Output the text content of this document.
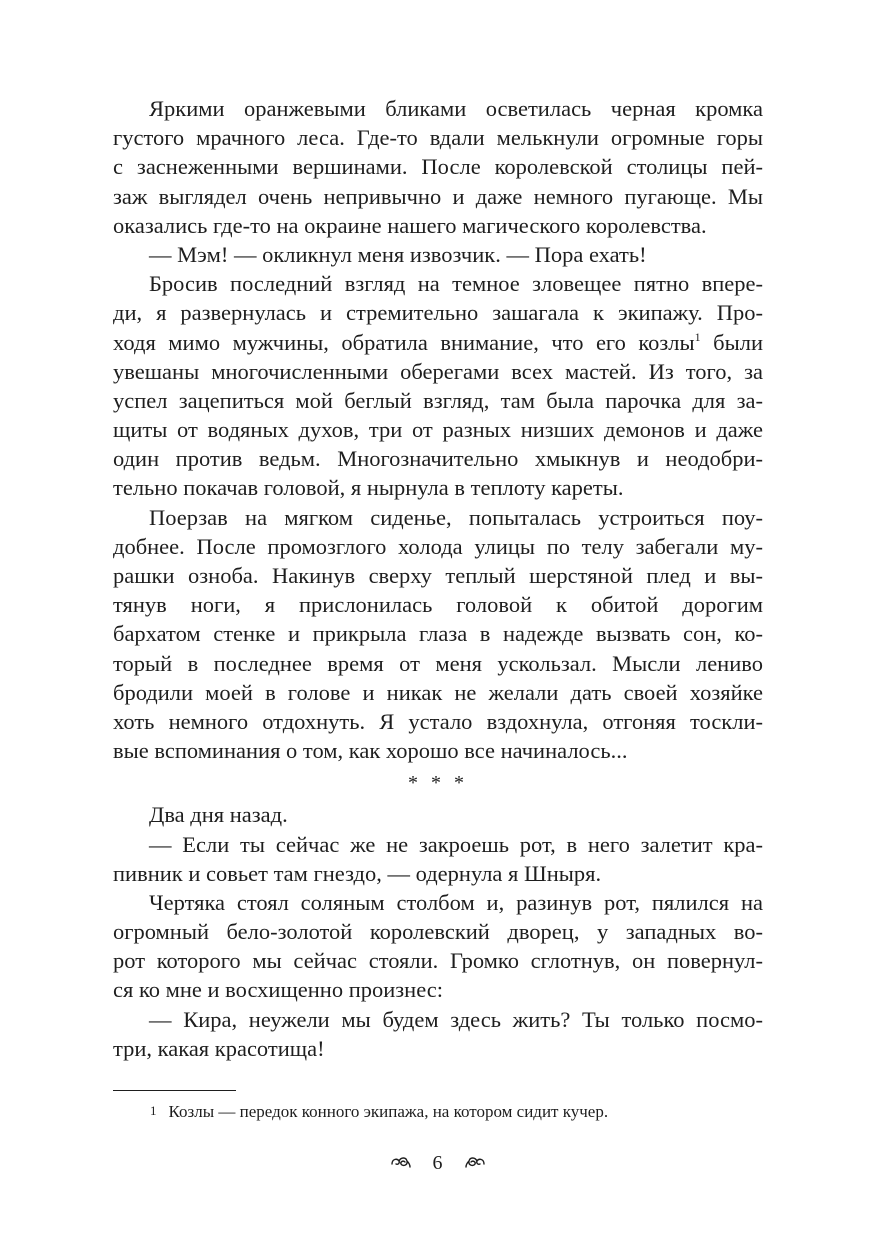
Яркими оранжевыми бликами осветилась черная кромка
густого мрачного леса. Где-то вдали мелькнули огромные горы
с заснеженными вершинами. После королевской столицы пей-
заж выглядел очень непривычно и даже немного пугающе. Мы
оказались где-то на окраине нашего магического королевства.
— Мэм! — окликнул меня извозчик. — Пора ехать!
Бросив последний взгляд на темное зловещее пятно впере-
ди, я развернулась и стремительно зашагала к экипажу. Про-
ходя мимо мужчины, обратила внимание, что его козлы$^1$ были
увешаны многочисленными оберегами всех мастей. Из того, за
успел зацепиться мой беглый взгляд, там была парочка для за-
щиты от водяных духов, три от разных низших демонов и даже
один против ведьм. Многозначительно хмыкнув и неодобри-
тельно покачав головой, я нырнула в теплоту кареты.
Поерзав на мягком сиденье, попыталась устроиться поу-
добнее. После промозглого холода улицы по телу забегали му-
рашки озноба. Накинув сверху теплый шерстяной плед и вы-
тянув ноги, я прислонилась головой к обитой дорогим
бархатом стенке и прикрыла глаза в надежде вызвать сон, ко-
торый в последнее время от меня ускользал. Мысли лениво
бродили моей в голове и никак не желали дать своей хозяйке
хоть немного отдохнуть. Я устало вздохнула, отгоняя тоскли-
вые вспоминания о том, как хорошо все начиналось...
* * *
Два дня назад.
— Если ты сейчас же не закроешь рот, в него залетит кра-
пивник и совьет там гнездо, — одернула я Шныря.
Чертяка стоял соляным столбом и, разинув рот, пялился на
огромный бело-золотой королевский дворец, у западных во-
рот которого мы сейчас стояли. Громко сглотнув, он повернул-
ся ко мне и восхищенно произнес:
— Кира, неужели мы будем здесь жить? Ты только посмо-
три, какая красотища!
1 Козлы — передок конного экипажа, на котором сидит кучер.
6
